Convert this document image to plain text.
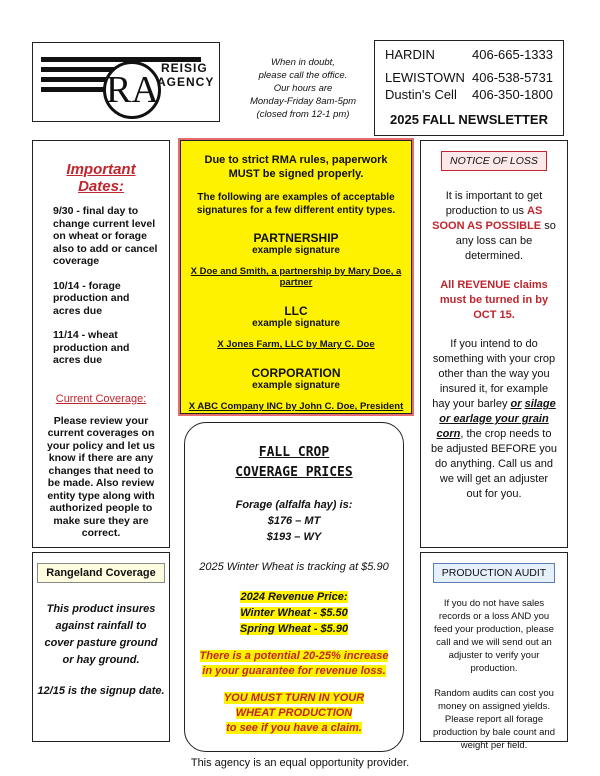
RA
REISIG
AGENCY
When in doubt,
please call the office.
Our hours are
Monday-Friday 8am-5pm
(closed from 12-1 pm)
HARDIN	406-665-1333
LEWISTOWN 406-538-5731
Dustin's Cell 406-350-1800
2025 FALL NEWSLETTER
Important
Dates:
9/30 - final day to change current level on wheat or forage also to add or cancel coverage
10/14 - forage production and acres due
11/14 - wheat production and acres due
Current Coverage:
Please review your current coverages on your policy and let us know if there are any changes that need to be made. Also review entity type along with authorized people to make sure they are correct.
Rangeland Coverage
This product insures against rainfall to cover pasture ground or hay ground.
12/15 is the signup date.

Due to strict RMA rules, paperwork MUST be signed properly.

The following are examples of acceptable signatures for a few different entity types.

PARTNERSHIP

example signature

X Doe and Smith, a partnership by Mary Doe, a partner

LLC

example signature

X Jones Farm, LLC by Mary C. Doe

CORPORATION

example signature

X ABC Company INC by John C. Doe, President

FALL CROP
COVERAGE PRICES
Forage (alfalfa hay) is:
$176 – MT
$193 – WY
2025 Winter Wheat is tracking at $5.90
2024 Revenue Price:
Winter Wheat - $5.50
Spring Wheat - $5.90
There is a potential 20-25% increase in your guarantee for revenue loss.
YOU MUST TURN IN YOUR WHEAT PRODUCTION
to see if you have a claim.
NOTICE OF LOSS
It is important to get production to us AS SOON AS POSSIBLE so any loss can be determined.
All REVENUE claims must be turned in by OCT 15.
If you intend to do something with your crop other than the way you insured it, for example hay your barley or silage or earlage your grain corn, the crop needs to be adjusted BEFORE you do anything. Call us and we will get an adjuster out for you.
PRODUCTION AUDIT
If you do not have sales records or a loss AND you feed your production, please call and we will send out an adjuster to verify your production.
Random audits can cost you money on assigned yields. Please report all forage production by bale count and weight per field.
This agency is an equal opportunity provider.
